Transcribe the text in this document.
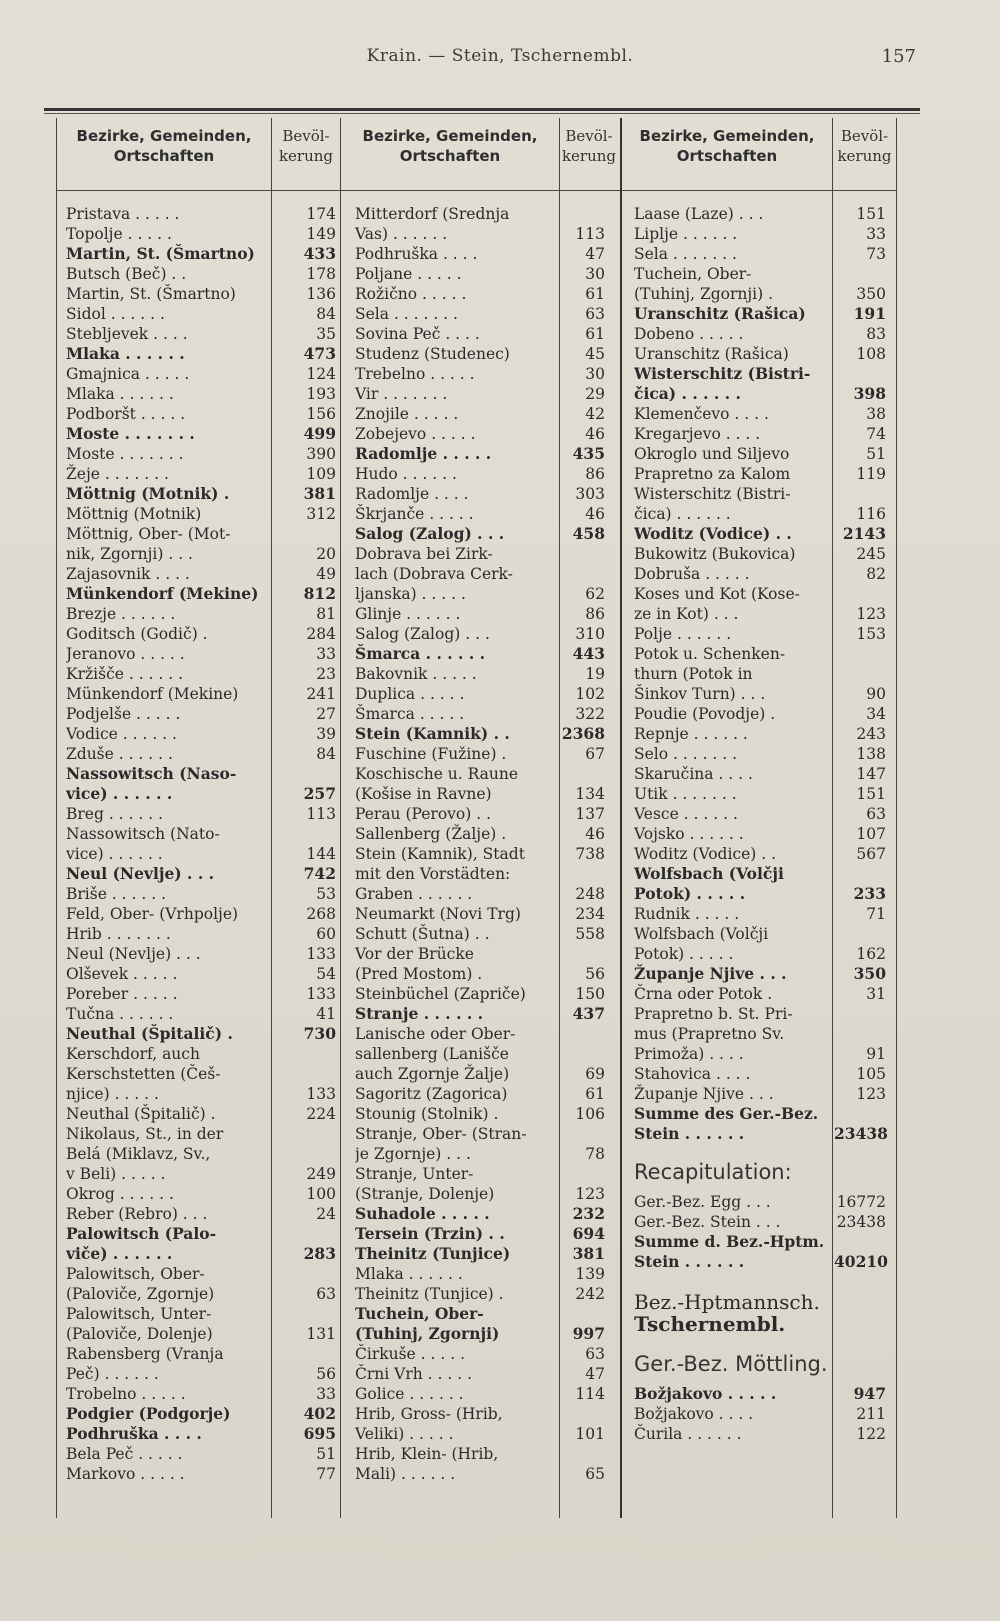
Krain. — Stein, Tschernembl.	157
Bezirke, Gemeinden, Ortschaften
Bevöl-kerung
Bezirke, Gemeinden, Ortschaften
Bevöl-kerung
Bezirke, Gemeinden, Ortschaften
Bevöl-kerung
Pristava . . . . .	174
Topolje . . . . .	149
Martin, St. (Šmartno)	433
Butsch (Beč) . .	178
Martin, St. (Šmartno)	136
Sidol . . . . . .	84
Stebljevek . . . .	35
Mlaka . . . . . .	473
Gmajnica . . . . .	124
Mlaka . . . . . .	193
Podboršt . . . . .	156
Moste . . . . . . .	499
Moste . . . . . . .	390
Žeje . . . . . . .	109
Möttnig (Motnik) .	381
Möttnig (Motnik)	312
Möttnig, Ober- (Mot-
nik, Zgornji) . . .	20
Zajasovnik . . . .	49
Münkendorf (Mekine)	812
Brezje . . . . . .	81
Goditsch (Godič) .	284
Jeranovo . . . . .	33
Kržišče . . . . . .	23
Münkendorf (Mekine)	241
Podjelše . . . . .	27
Vodice . . . . . .	39
Zduše . . . . . .	84
Nassowitsch (Naso-
vice) . . . . . .	257
Breg . . . . . .	113
Nassowitsch (Nato-
vice) . . . . . .	144
Neul (Nevlje) . . .	742
Briše . . . . . .	53
Feld, Ober- (Vrhpolje)	268
Hrib . . . . . . .	60
Neul (Nevlje) . . .	133
Olševek . . . . .	54
Poreber . . . . .	133
Tučna . . . . . .	41
Neuthal (Špitalič) .	730
Kerschdorf, auch
Kerschstetten (Češ-
njice) . . . . .	133
Neuthal (Špitalič) .	224
Nikolaus, St., in der
Belá (Miklavz, Sv.,
v Beli) . . . . .	249
Okrog . . . . . .	100
Reber (Rebro) . . .	24
Palowitsch (Palo-
viče) . . . . . .	283
Palowitsch, Ober-
(Paloviče, Zgornje)	63
Palowitsch, Unter-
(Paloviče, Dolenje)	131
Rabensberg (Vranja
Peč) . . . . . .	56
Trobelno . . . . .	33
Podgier (Podgorje)	402
Podhruška . . . .	695
Bela Peč . . . . .	51
Markovo . . . . .	77
Mitterdorf (Srednja
Vas) . . . . . .	113
Podhruška . . . .	47
Poljane . . . . .	30
Rožično . . . . .	61
Sela . . . . . . .	63
Sovina Peč . . . .	61
Studenz (Studenec)	45
Trebelno . . . . .	30
Vir . . . . . . .	29
Znojile . . . . .	42
Zobejevo . . . . .	46
Radomlje . . . . .	435
Hudo . . . . . .	86
Radomlje . . . .	303
Škrjanče . . . . .	46
Salog (Zalog) . . .	458
Dobrava bei Zirk-
lach (Dobrava Cerk-
ljanska) . . . . .	62
Glinje . . . . . .	86
Salog (Zalog) . . .	310
Šmarca . . . . . .	443
Bakovnik . . . . .	19
Duplica . . . . .	102
Šmarca . . . . .	322
Stein (Kamnik) . .	2368
Fuschine (Fužine) .	67
Koschische u. Raune
(Košise in Ravne)	134
Perau (Perovo) . .	137
Sallenberg (Žalje) .	46
Stein (Kamnik), Stadt	738
mit den Vorstädten:
Graben . . . . . .	248
Neumarkt (Novi Trg)	234
Schutt (Šutna) . .	558
Vor der Brücke
(Pred Mostom) .	56
Steinbüchel (Zapriče)	150
Stranje . . . . . .	437
Lanische oder Ober-
sallenberg (Lanišče
auch Zgornje Žalje)	69
Sagoritz (Zagorica)	61
Stounig (Stolnik) .	106
Stranje, Ober- (Stran-
je Zgornje) . . .	78
Stranje, Unter-
(Stranje, Dolenje)	123
Suhadole . . . . .	232
Tersein (Trzin) . .	694
Theinitz (Tunjice)	381
Mlaka . . . . . .	139
Theinitz (Tunjice) .	242
Tuchein, Ober-
(Tuhinj, Zgornji)	997
Čirkuše . . . . .	63
Črni Vrh . . . . .	47
Golice . . . . . .	114
Hrib, Gross- (Hrib,
Veliki) . . . . .	101
Hrib, Klein- (Hrib,
Mali) . . . . . .	65
Laase (Laze) . . .	151
Liplje . . . . . .	33
Sela . . . . . . .	73
Tuchein, Ober-
(Tuhinj, Zgornji) .	350
Uranschitz (Rašica)	191
Dobeno . . . . .	83
Uranschitz (Rašica)	108
Wisterschitz (Bistri-
čica) . . . . . .	398
Klemenčevo . . . .	38
Kregarjevo . . . .	74
Okroglo und Siljevo	51
Prapretno za Kalom	119
Wisterschitz (Bistri-
čica) . . . . . .	116
Woditz (Vodice) . .	2143
Bukowitz (Bukovica)	245
Dobruša . . . . .	82
Koses und Kot (Kose-
ze in Kot) . . .	123
Polje . . . . . .	153
Potok u. Schenken-
thurn (Potok in
Šinkov Turn) . . .	90
Poudie (Povodje) .	34
Repnje . . . . . .	243
Selo . . . . . . .	138
Skaručina . . . .	147
Utik . . . . . . .	151
Vesce . . . . . .	63
Vojsko . . . . . .	107
Woditz (Vodice) . .	567
Wolfsbach (Volčji
Potok) . . . . .	233
Rudnik . . . . .	71
Wolfsbach (Volčji
Potok) . . . . .	162
Županje Njive . . .	350
Črna oder Potok .	31
Prapretno b. St. Pri-
mus (Prapretno Sv.
Primoža) . . . .	91
Stahovica . . . .	105
Županje Njive . . .	123
Summe des Ger.-Bez.
Stein . . . . . .	23438
Recapitulation:
Ger.-Bez. Egg . . .	16772
Ger.-Bez. Stein . . .	23438
Summe d. Bez.-Hptm.
Stein . . . . . .	40210
Bez.-Hptmannsch.
Tschernembl.
Ger.-Bez. Möttling.
Božjakovo . . . . .	947
Božjakovo . . . .	211
Čurila . . . . . .	122
